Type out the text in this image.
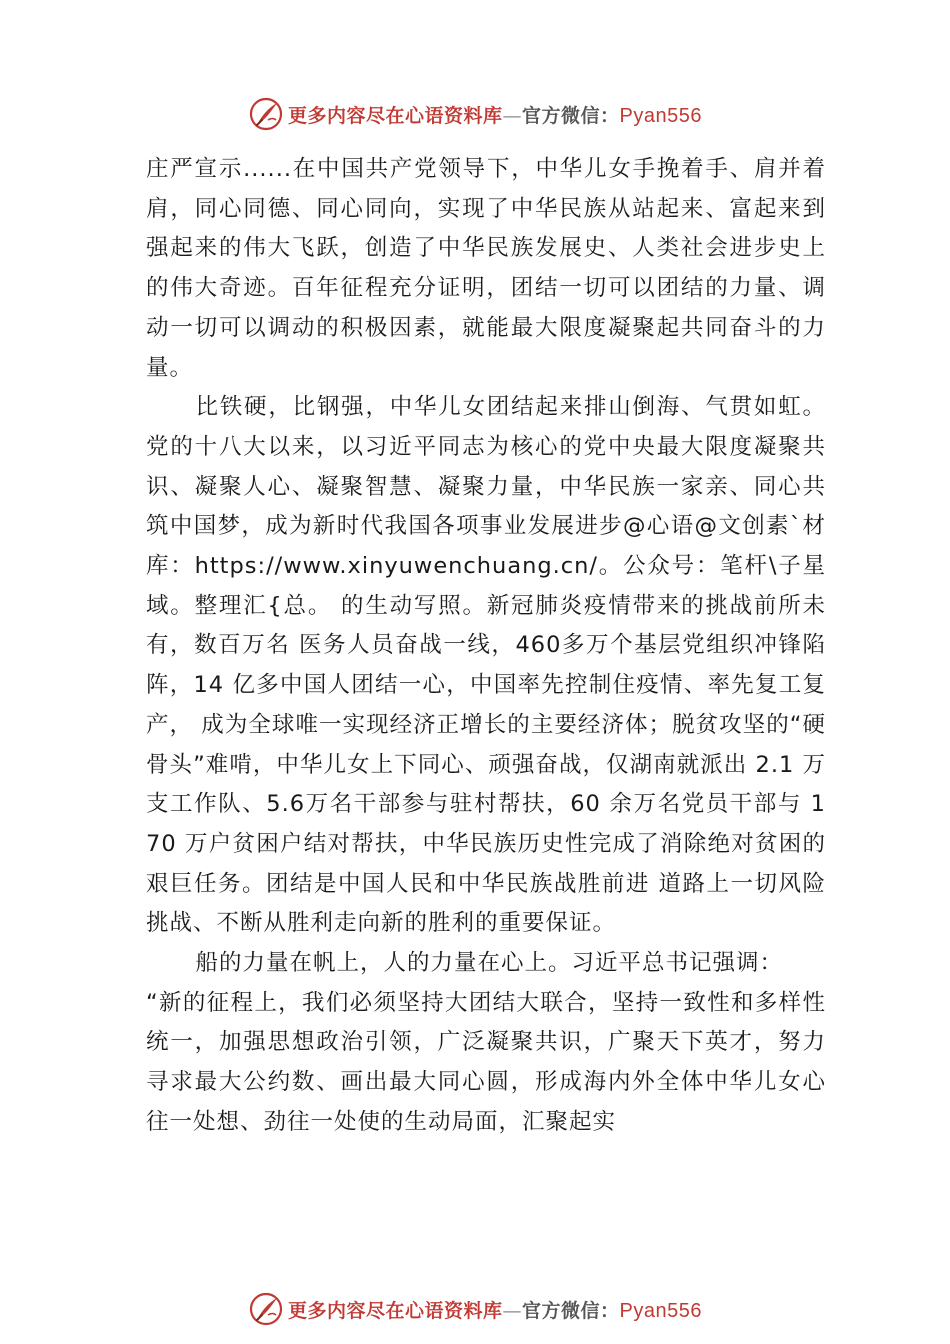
更多内容尽在心语资料库—官方微信：Pyan556

庄严宣示......在中国共产党领导下，中华儿女手挽着手、肩并着肩，同心同德、同心同向，实现了中华民族从站起来、富起来到强起来的伟大飞跃，创造了中华民族发展史、人类社会进步史上的伟大奇迹。百年征程充分证明，团结一切可以团结的力量、调动一切可以调动的积极因素，就能最大限度凝聚起共同奋斗的力量。

比铁硬，比钢强，中华儿女团结起来排山倒海、气贯如虹。党的十八大以来，以习近平同志为核心的党中央最大限度凝聚共识、凝聚人心、凝聚智慧、凝聚力量，中华民族一家亲、同心共筑中国梦，成为新时代我国各项事业发展进步@心语@文创素`材库：https://www.xinyuwenchuang.cn/。公众号：笔杆\子星域。整理汇{总。 的生动写照。新冠肺炎疫情带来的挑战前所未有，数百万名 医务人员奋战一线，460多万个基层党组织冲锋陷阵，14 亿多中国人团结一心，中国率先控制住疫情、率先复工复产， 成为全球唯一实现经济正增长的主要经济体；脱贫攻坚的“硬 骨头”难啃，中华儿女上下同心、顽强奋战，仅湖南就派出 2.1 万支工作队、5.6万名干部参与驻村帮扶，60 余万名党员干部与 170 万户贫困户结对帮扶，中华民族历史性完成了消除绝对贫困的艰巨任务。团结是中国人民和中华民族战胜前进 道路上一切风险挑战、不断从胜利走向新的胜利的重要保证。

船的力量在帆上，人的力量在心上。习近平总书记强调：

“新的征程上，我们必须坚持大团结大联合，坚持一致性和多样性统一，加强思想政治引领，广泛凝聚共识，广聚天下英才，努力寻求最大公约数、画出最大同心圆，形成海内外全体中华儿女心往一处想、劲往一处使的生动局面，汇聚起实

更多内容尽在心语资料库—官方微信：Pyan556
